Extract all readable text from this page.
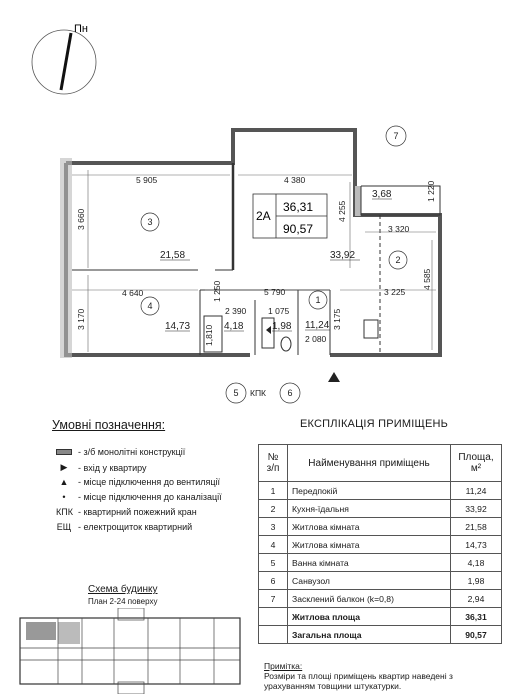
Пн
5 905	4 380
1 220
3 660	4 255
3 320
4 585
4 640	5 790	3 225
3 170
1 250
1 075	3 175
2 390
1,810	2 080
2А
36,31
90,57
1
2
3
4
5	6
7
11,24
33,92
21,58
14,73	4,18	1,98
3,68
КПК
Умовні позначення:
- з/б монолітні конструкції
▶	- вхід у квартиру
▲	- місце підключення до вентиляції
•	- місце підключення до каналізації
КПК - квартирний пожежний кран
ЕЩ - електрощиток квартирний
Схема будинку
План 2-24 поверху
ЕКСПЛІКАЦІЯ ПРИМІЩЕНЬ
№ з/п	Найменування приміщень	Площа, м²
1	Передпокій	11,24
2	Кухня-їдальня	33,92
3	Житлова кімната	21,58
4	Житлова кімната	14,73
5	Ванна кімната	4,18
6	Санвузол	1,98
7	Засклений балкон (k=0,8)	2,94
	Житлова площа	36,31
	Загальна площа	90,57
Примітка:
Розміри та площі приміщень квартир наведені з урахуванням товщини штукатурки.
